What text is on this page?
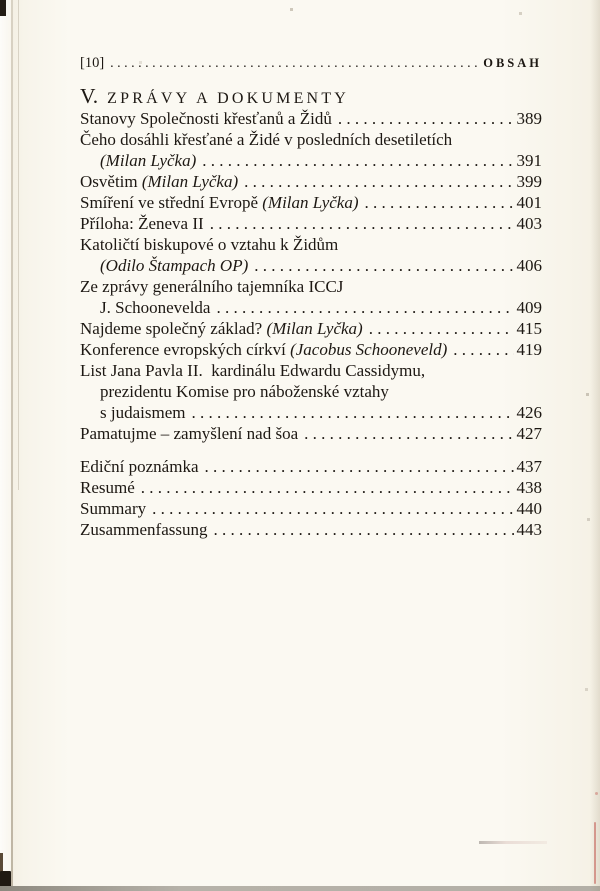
[10] . . .	OBSAH
V. ZPRÁVY A DOKUMENTY
Stanovy Společnosti křesťanů a Židů . . .	389
Čeho dosáhli křesťané a Židé v posledních desetiletích
(Milan Lyčka) . . .	391
Osvětim (Milan Lyčka) . . .	399
Smíření ve střední Evropě (Milan Lyčka) . . .	401
Příloha: Ženeva II . . .	403
Katoličtí biskupové o vztahu k Židům
(Odilo Štampach OP) . . .	406
Ze zprávy generálního tajemníka ICCJ
J. Schoonevelda . . .	409
Najdeme společný základ? (Milan Lyčka) . . .	415
Konference evropských církví (Jacobus Schooneveld) . . .	419
List Jana Pavla II.  kardinálu Edwardu Cassidymu,
prezidentu Komise pro náboženské vztahy
s judaismem . . .	426
Pamatujme – zamyšlení nad šoa . . .	427
Ediční poznámka . . .	437
Resumé . . .	438
Summary . . .	440
Zusammenfassung . . .	443
